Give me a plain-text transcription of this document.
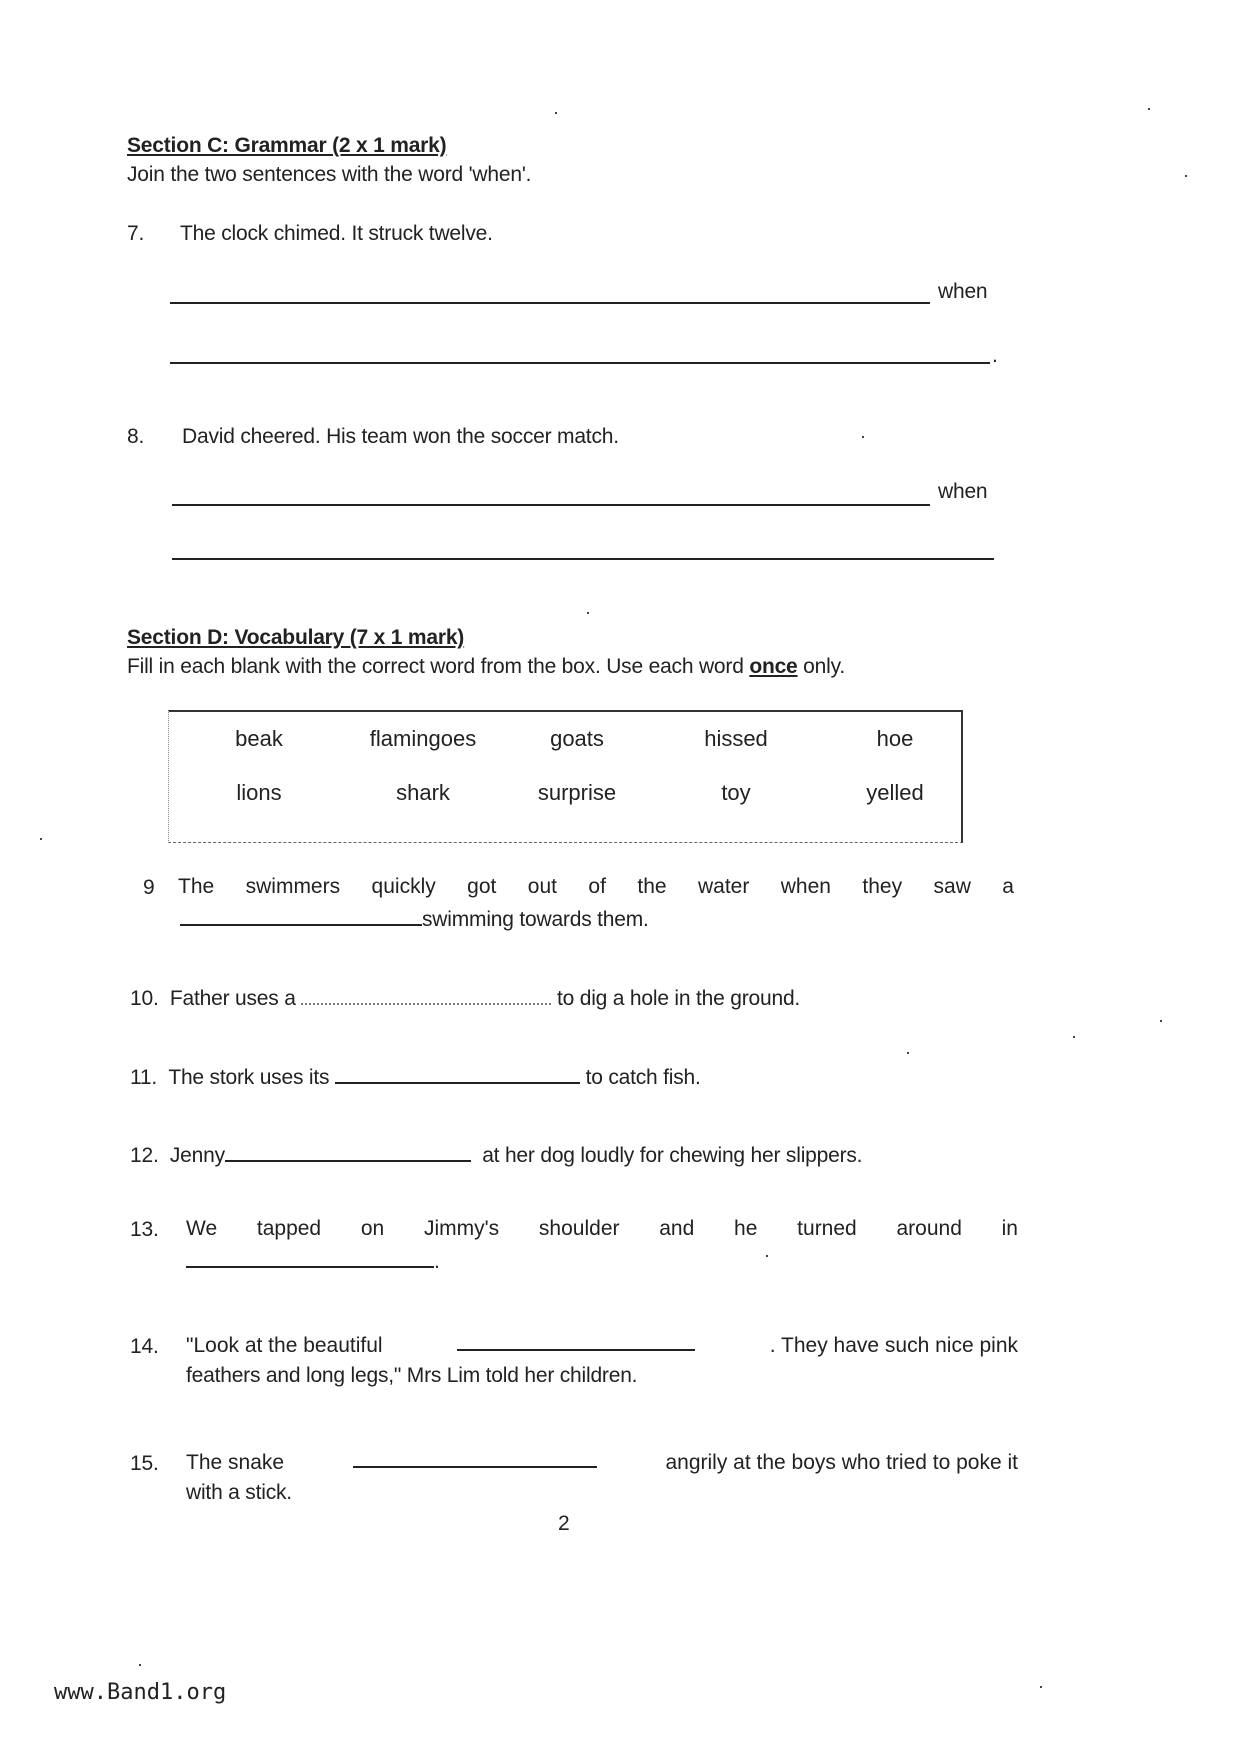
Section C: Grammar (2 x 1 mark)
Join the two sentences with the word 'when'.
7. The clock chimed. It struck twelve.
when
.
8. David cheered. His team won the soccer match.
when
Section D: Vocabulary (7 x 1 mark)
Fill in each blank with the correct word from the box. Use each word once only.
beak	flamingoes	goats	hissed	hoe
lions	shark	surprise	toy	yelled
9 The swimmers quickly got out of the water when they saw a
swimming towards them.
10. Father uses a	to dig a hole in the ground.
11. The stork uses its	to catch fish.
12. Jenny	at her dog loudly for chewing her slippers.
13. We tapped on Jimmy's shoulder and he turned around in
.
14. "Look at the beautiful	. They have such nice pink
feathers and long legs," Mrs Lim told her children.
15. The snake	angrily at the boys who tried to poke it
with a stick.
2
www.Band1.org
